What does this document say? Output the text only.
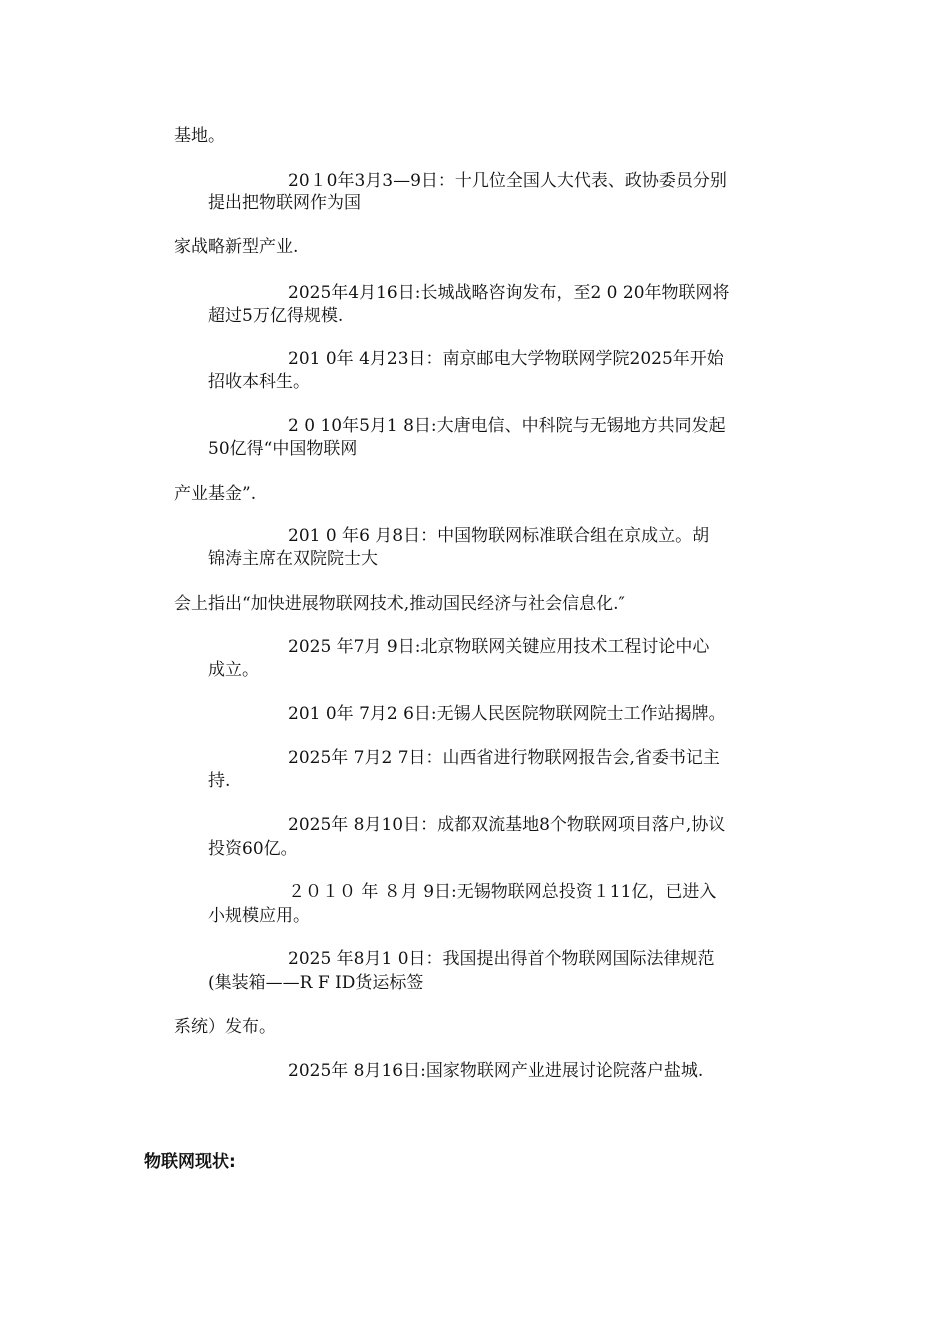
基地。
20１0年3月3—9日：十几位全国人大代表、政协委员分别
提出把物联网作为国
家战略新型产业.
2025年4月16日:长城战略咨询发布，至2 0 20年物联网将
超过5万亿得规模.
201 0年 4月23日：南京邮电大学物联网学院2025年开始
招收本科生。
2 0 10年5月1 8日:大唐电信、中科院与无锡地方共同发起
50亿得“中国物联网
产业基金”.
201 0 年6 月8日：中国物联网标准联合组在京成立。胡
锦涛主席在双院院士大
会上指出“加快进展物联网技术,推动国民经济与社会信息化.″
2025 年7月 9日:北京物联网关键应用技术工程讨论中心
成立。
201 0年 7月2 6日:无锡人民医院物联网院士工作站揭牌。
2025年 7月2 7日：山西省进行物联网报告会,省委书记主
持.
2025年 8月10日：成都双流基地8个物联网项目落户,协议
投资60亿。
２０１０ 年 ８月 9日:无锡物联网总投资１11亿，已进入
小规模应用。
2025 年8月1 0日：我国提出得首个物联网国际法律规范
(集装箱——R F ID货运标签
系统）发布。
2025年 8月16日:国家物联网产业进展讨论院落户盐城.
物联网现状:
